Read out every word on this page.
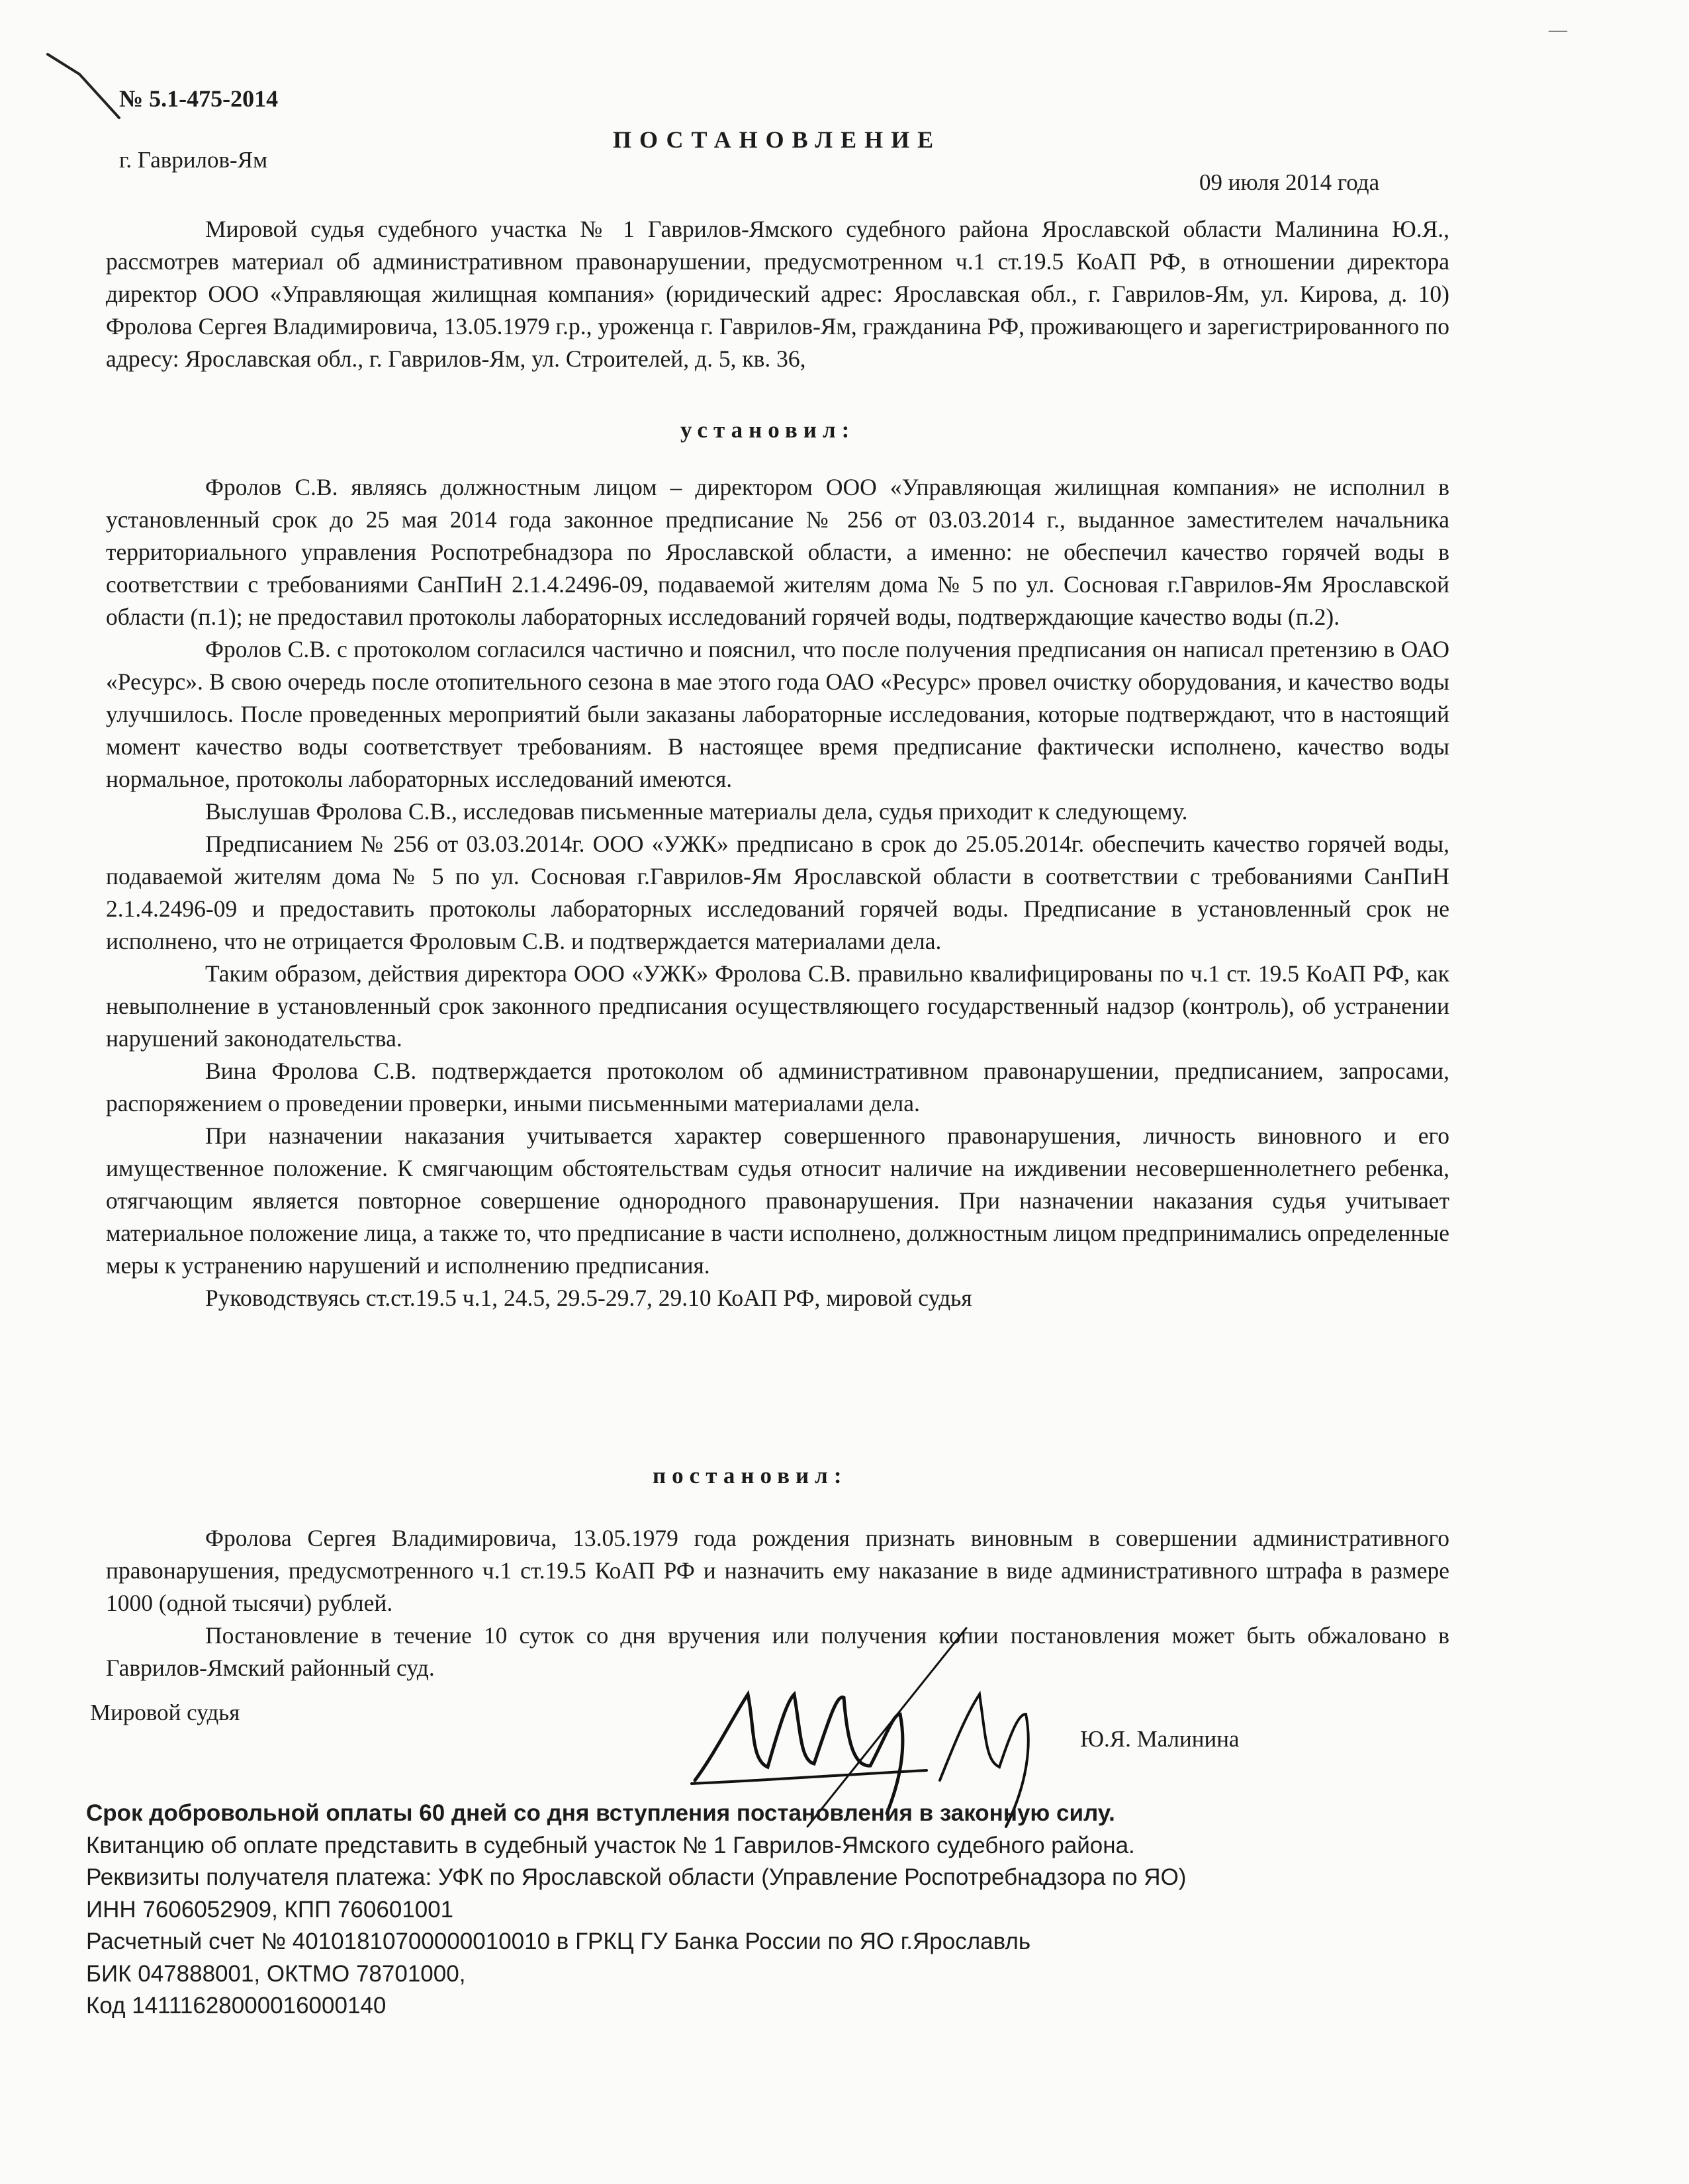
—
№ 5.1-475-2014
ПОСТАНОВЛЕНИЕ
г. Гаврилов-Ям
09 июля 2014 года

Мировой судья судебного участка № 1 Гаврилов-Ямского судебного района Ярославской области Малинина Ю.Я., рассмотрев материал об административном правонарушении, предусмотренном ч.1 ст.19.5 КоАП РФ, в отношении директора директор ООО «Управляющая жилищная компания» (юридический адрес: Ярославская обл., г. Гаврилов-Ям, ул. Кирова, д. 10) Фролова Сергея Владимировича, 13.05.1979 г.р., уроженца г. Гаврилов-Ям, гражданина РФ, проживающего и зарегистрированного по адресу: Ярославская обл., г. Гаврилов-Ям, ул. Строителей, д. 5, кв. 36,

установил:

Фролов С.В. являясь должностным лицом – директором ООО «Управляющая жилищная компания» не исполнил в установленный срок до 25 мая 2014 года законное предписание № 256 от 03.03.2014 г., выданное заместителем начальника территориального управления Роспотребнадзора по Ярославской области, а именно: не обеспечил качество горячей воды в соответствии с требованиями СанПиН 2.1.4.2496-09, подаваемой жителям дома № 5 по ул. Сосновая г.Гаврилов-Ям Ярославской области (п.1); не предоставил протоколы лабораторных исследований горячей воды, подтверждающие качество воды (п.2).

Фролов С.В. с протоколом согласился частично и пояснил, что после получения предписания он написал претензию в ОАО «Ресурс». В свою очередь после отопительного сезона в мае этого года ОАО «Ресурс» провел очистку оборудования, и качество воды улучшилось. После проведенных мероприятий были заказаны лабораторные исследования, которые подтверждают, что в настоящий момент качество воды соответствует требованиям. В настоящее время предписание фактически исполнено, качество воды нормальное, протоколы лабораторных исследований имеются.

Выслушав Фролова С.В., исследовав письменные материалы дела, судья приходит к следующему.

Предписанием № 256 от 03.03.2014г. ООО «УЖК» предписано в срок до 25.05.2014г. обеспечить качество горячей воды, подаваемой жителям дома № 5 по ул. Сосновая г.Гаврилов-Ям Ярославской области в соответствии с требованиями СанПиН 2.1.4.2496-09 и предоставить протоколы лабораторных исследований горячей воды. Предписание в установленный срок не исполнено, что не отрицается Фроловым С.В. и подтверждается материалами дела.

Таким образом, действия директора ООО «УЖК» Фролова С.В. правильно квалифицированы по ч.1 ст. 19.5 КоАП РФ, как невыполнение в установленный срок законного предписания осуществляющего государственный надзор (контроль), об устранении нарушений законодательства.

Вина Фролова С.В. подтверждается протоколом об административном правонарушении, предписанием, запросами, распоряжением о проведении проверки, иными письменными материалами дела.

При назначении наказания учитывается характер совершенного правонарушения, личность виновного и его имущественное положение. К смягчающим обстоятельствам судья относит наличие на иждивении несовершеннолетнего ребенка, отягчающим является повторное совершение однородного правонарушения. При назначении наказания судья учитывает материальное положение лица, а также то, что предписание в части исполнено, должностным лицом предпринимались определенные меры к устранению нарушений и исполнению предписания.

Руководствуясь ст.ст.19.5 ч.1, 24.5, 29.5-29.7, 29.10 КоАП РФ, мировой судья

постановил:

Фролова Сергея Владимировича, 13.05.1979 года рождения признать виновным в совершении административного правонарушения, предусмотренного ч.1 ст.19.5 КоАП РФ и назначить ему наказание в виде административного штрафа в размере 1000 (одной тысячи) рублей.

Постановление в течение 10 суток со дня вручения или получения копии постановления может быть обжаловано в Гаврилов-Ямский районный суд.

Мировой судья
Ю.Я. Малинина
Срок добровольной оплаты 60 дней со дня вступления постановления в законную силу.
Квитанцию об оплате представить в судебный участок № 1 Гаврилов-Ямского судебного района.
Реквизиты получателя платежа: УФК по Ярославской области (Управление Роспотребнадзора по ЯО)
ИНН 7606052909, КПП 760601001
Расчетный счет № 40101810700000010010 в ГРКЦ ГУ Банка России по ЯО г.Ярославль
БИК 047888001, ОКТМО 78701000,
Код 14111628000016000140
